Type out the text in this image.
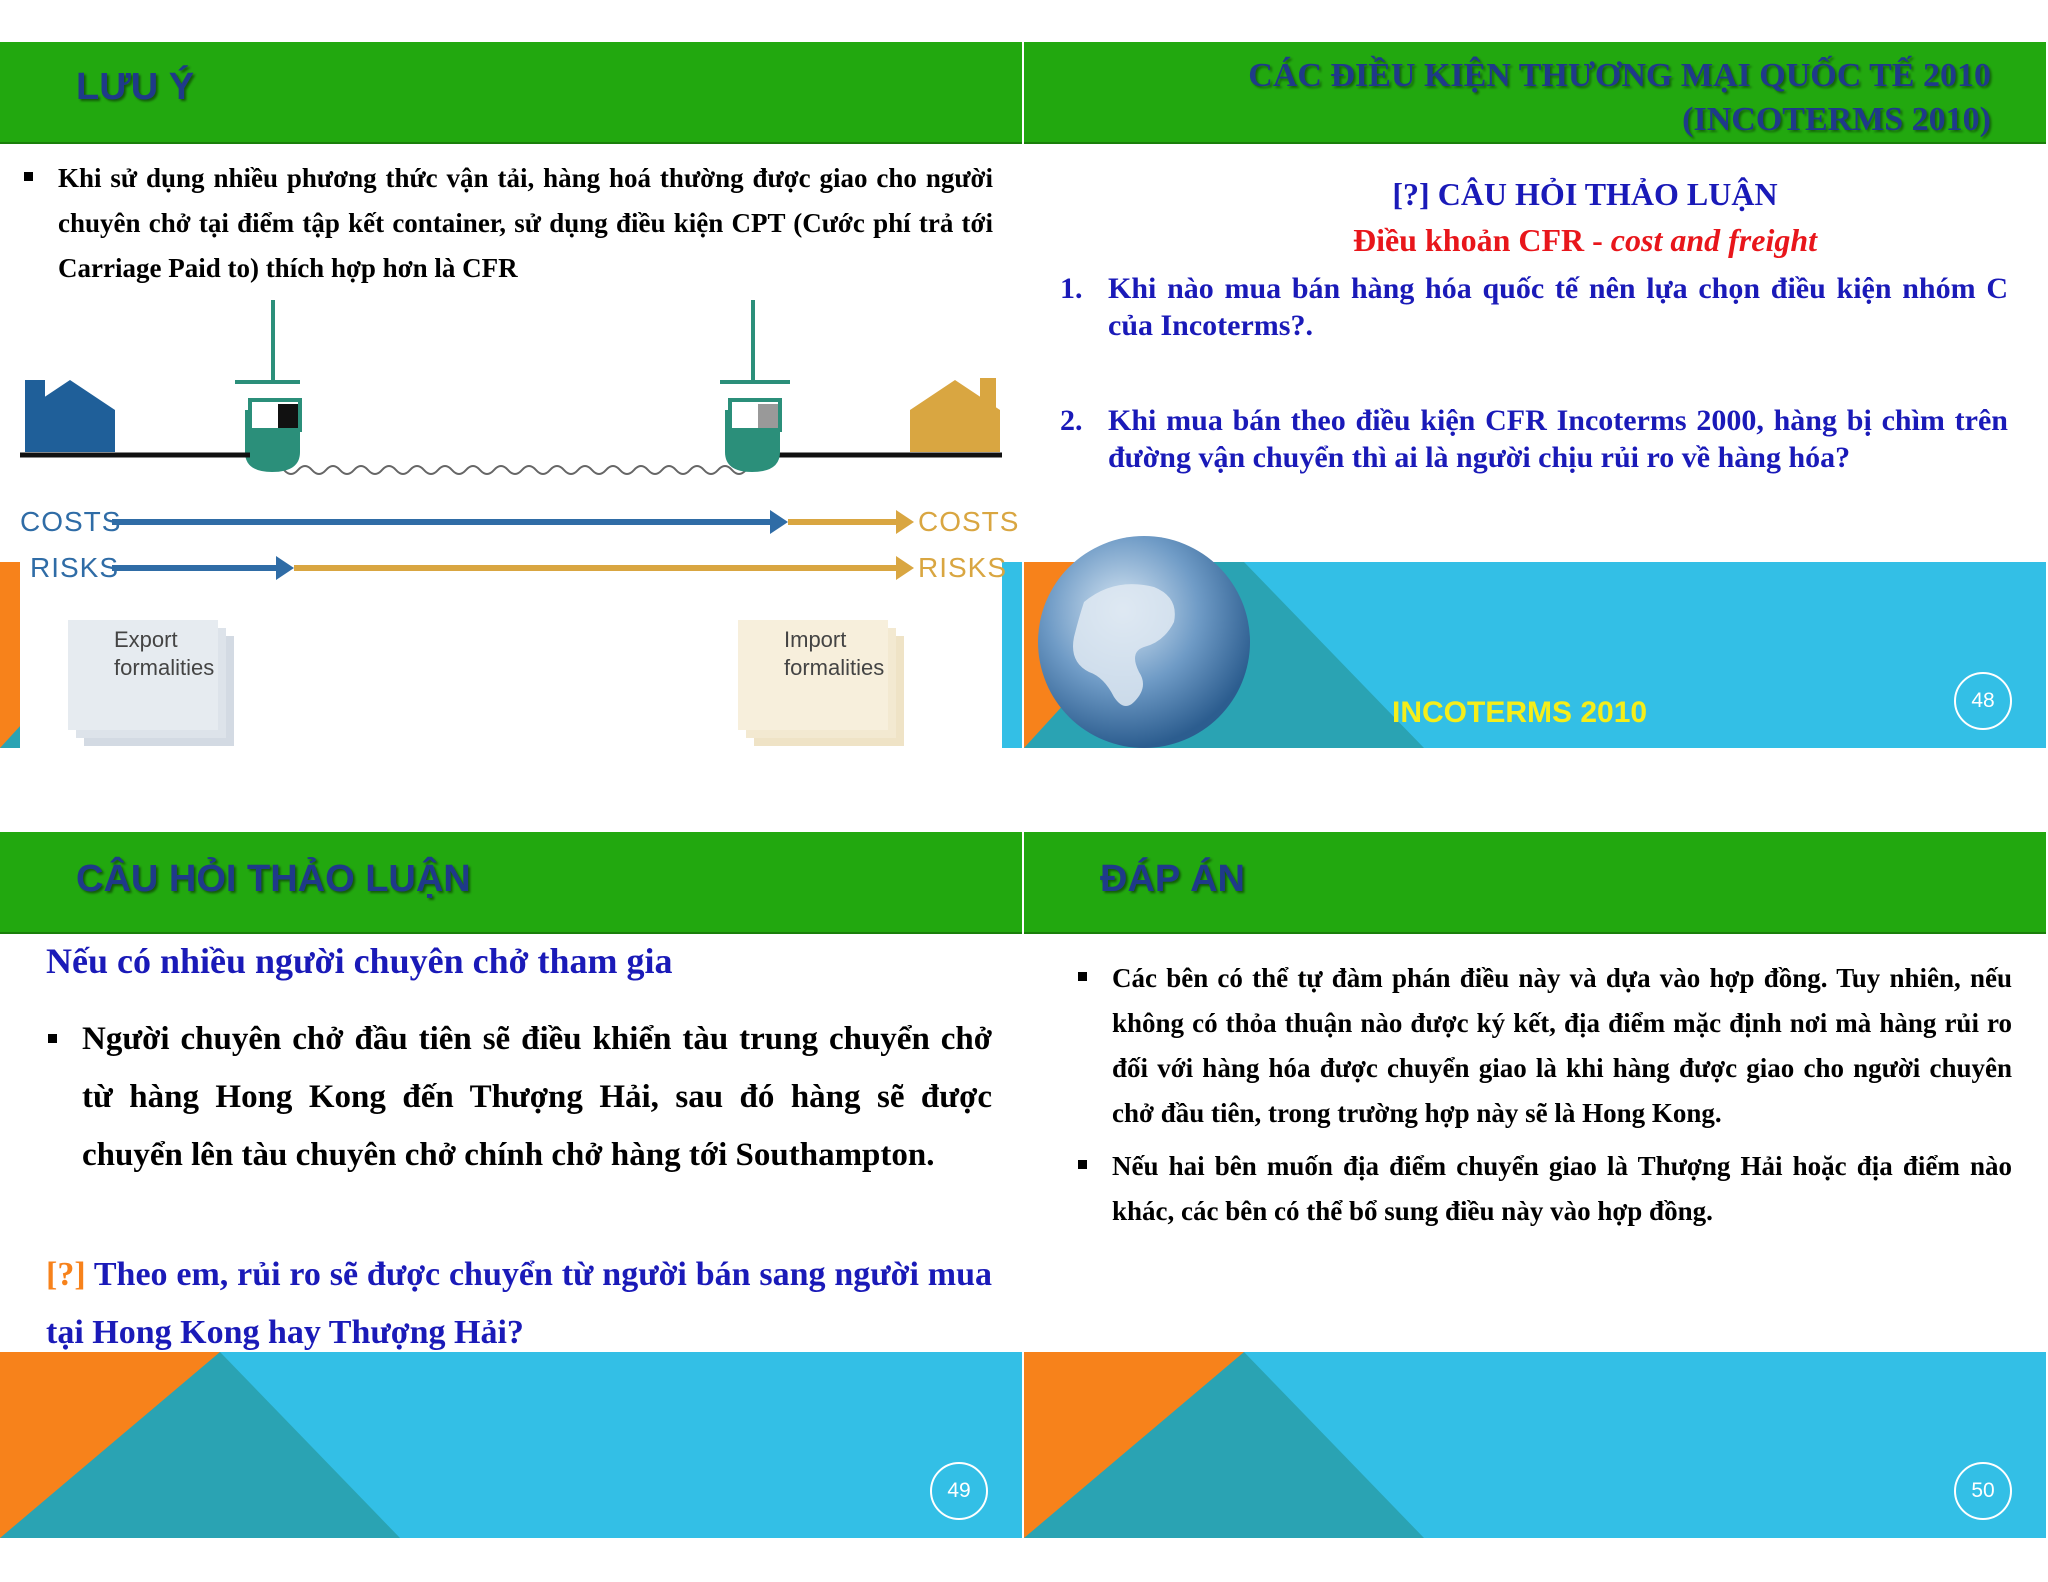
LƯU Ý
Khi sử dụng nhiều phương thức vận tải, hàng hoá thường được giao cho người chuyên chở tại điểm tập kết container, sử dụng điều kiện CPT (Cước phí trả tới Carriage Paid to) thích hợp hơn là CFR
COSTS	COSTS
RISKS	RISKS
Export
formalities
Import
formalities
CÁC ĐIỀU KIỆN THƯƠNG MẠI QUỐC TẾ 2010
(INCOTERMS 2010)
[?] CÂU HỎI THẢO LUẬN
Điều khoản CFR - cost and freight
1. Khi nào mua bán hàng hóa quốc tế nên lựa chọn điều kiện nhóm C của Incoterms?.
2. Khi mua bán theo điều kiện CFR Incoterms 2000, hàng bị chìm trên đường vận chuyển thì ai là người chịu rủi ro về hàng hóa?
INCOTERMS 2010	48
CÂU HỎI THẢO LUẬN
Nếu có nhiều người chuyên chở tham gia
Người chuyên chở đầu tiên sẽ điều khiển tàu trung chuyển chở từ hàng Hong Kong đến Thượng Hải, sau đó hàng sẽ được chuyển lên tàu chuyên chở chính chở hàng tới Southampton.
[?] Theo em, rủi ro sẽ được chuyển từ người bán sang người mua tại Hong Kong hay Thượng Hải?
49
ĐÁP ÁN
Các bên có thể tự đàm phán điều này và dựa vào hợp đồng. Tuy nhiên, nếu không có thỏa thuận nào được ký kết, địa điểm mặc định nơi mà hàng rủi ro đối với hàng hóa được chuyển giao là khi hàng được giao cho người chuyên chở đầu tiên, trong trường hợp này sẽ là Hong Kong.
Nếu hai bên muốn địa điểm chuyển giao là Thượng Hải hoặc địa điểm nào khác, các bên có thể bổ sung điều này vào hợp đồng.
50
